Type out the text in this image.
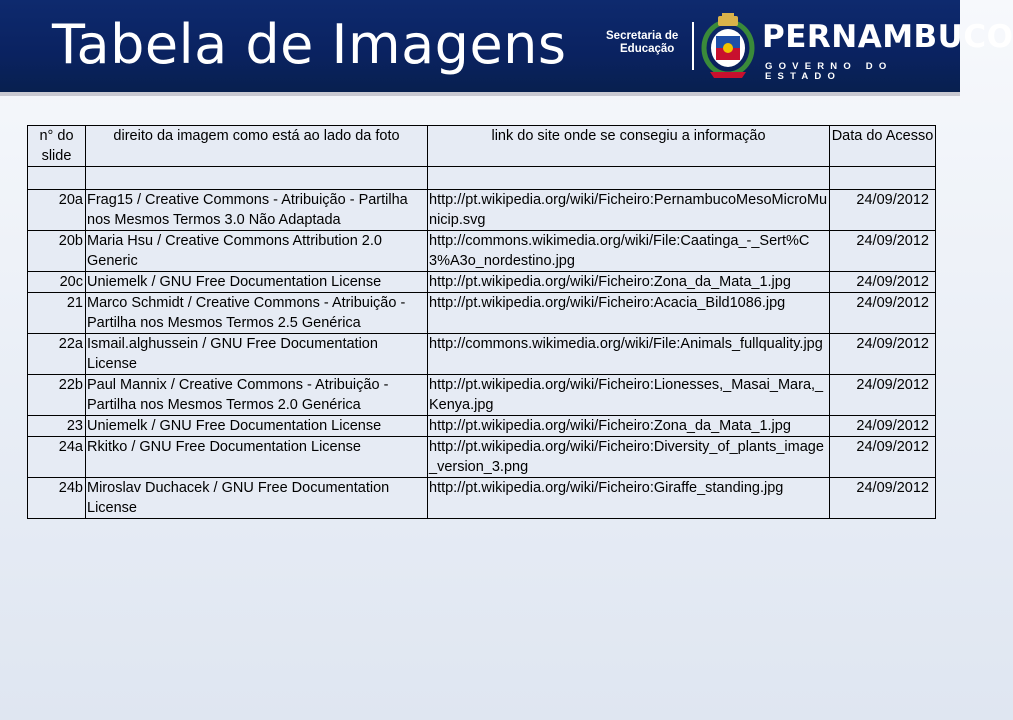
Tabela de Imagens	Secretaria de
Educação	PERNAMBUCO
GOVERNO DO ESTADO
n° do slide	direito da imagem como está ao lado da foto	link do site onde se consegiu a informação	Data do Acesso

20a	Frag15 / Creative Commons - Atribuição - Partilha nos Mesmos Termos 3.0 Não Adaptada	http://pt.wikipedia.org/wiki/Ficheiro:PernambucoMesoMicroMunicip.svg	24/09/2012
20b	Maria Hsu / Creative Commons Attribution 2.0 Generic	http://commons.wikimedia.org/wiki/File:Caatinga_-_Sert%C3%A3o_nordestino.jpg	24/09/2012
20c	Uniemelk / GNU Free Documentation License	http://pt.wikipedia.org/wiki/Ficheiro:Zona_da_Mata_1.jpg	24/09/2012
21	Marco Schmidt / Creative Commons - Atribuição - Partilha nos Mesmos Termos 2.5 Genérica	http://pt.wikipedia.org/wiki/Ficheiro:Acacia_Bild1086.jpg	24/09/2012
22a	Ismail.alghussein / GNU Free Documentation License	http://commons.wikimedia.org/wiki/File:Animals_fullquality.jpg	24/09/2012
22b	Paul Mannix / Creative Commons - Atribuição - Partilha nos Mesmos Termos 2.0 Genérica	http://pt.wikipedia.org/wiki/Ficheiro:Lionesses,_Masai_Mara,_Kenya.jpg	24/09/2012
23	Uniemelk / GNU Free Documentation License	http://pt.wikipedia.org/wiki/Ficheiro:Zona_da_Mata_1.jpg	24/09/2012
24a	Rkitko / GNU Free Documentation License	http://pt.wikipedia.org/wiki/Ficheiro:Diversity_of_plants_image_version_3.png	24/09/2012
24b	Miroslav Duchacek / GNU Free Documentation License	http://pt.wikipedia.org/wiki/Ficheiro:Giraffe_standing.jpg	24/09/2012
